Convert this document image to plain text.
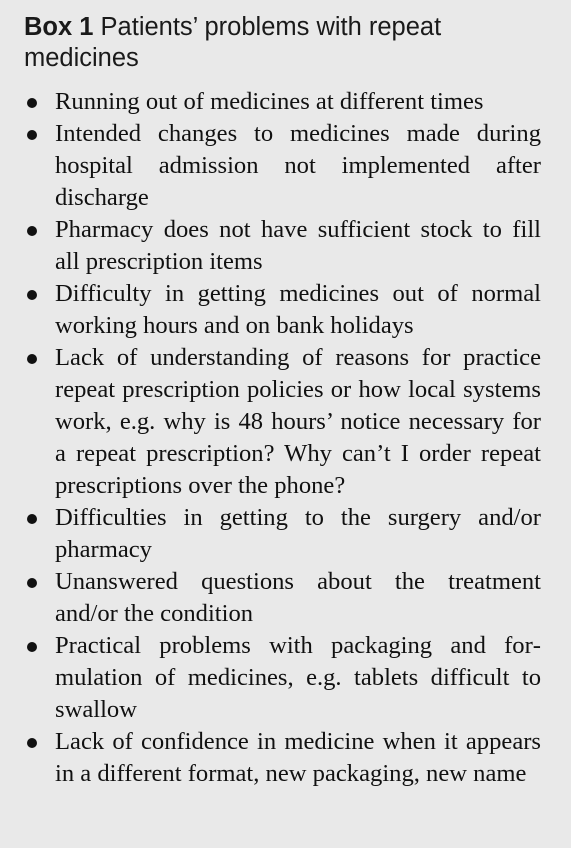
Box 1 Patients’ problems with repeat medicines
Running out of medicines at different times
Intended changes to medicines made during hospital admission not implemented after discharge
Pharmacy does not have sufficient stock to fill all prescription items
Difficulty in getting medicines out of normal working hours and on bank holidays
Lack of understanding of reasons for practice repeat prescription policies or how local systems work, e.g. why is 48 hours’ notice necessary for a repeat prescription? Why can’t I order repeat prescriptions over the phone?
Difficulties in getting to the surgery and/or pharmacy
Unanswered questions about the treatment and/or the condition
Practical problems with packaging and formulation of medicines, e.g. tablets difficult to swallow
Lack of confidence in medicine when it appears in a different format, new packaging, new name
